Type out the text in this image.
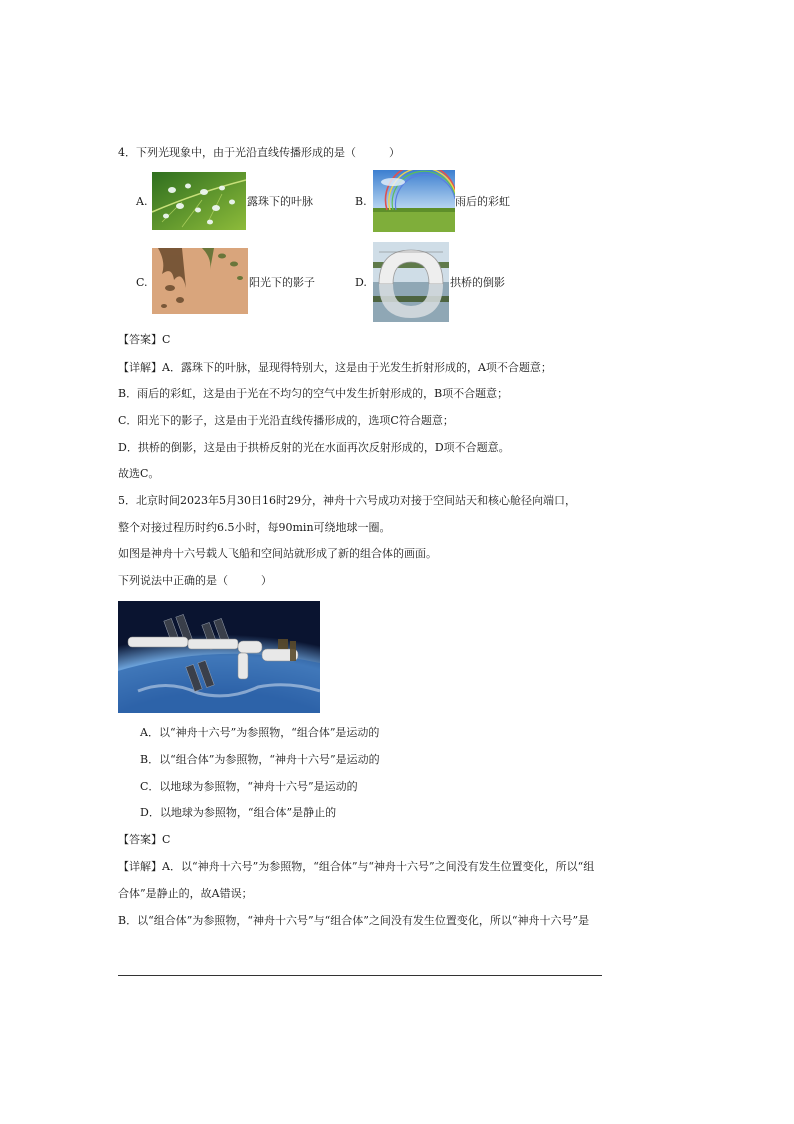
4．下列光现象中，由于光沿直线传播形成的是（　　　）
A.	露珠下的叶脉	B.	雨后的彩虹
C.	阳光下的影子	D.	拱桥的倒影
【答案】C
【详解】A．露珠下的叶脉，显现得特别大，这是由于光发生折射形成的，A项不合题意；
B．雨后的彩虹，这是由于光在不均匀的空气中发生折射形成的，B项不合题意；
C．阳光下的影子，这是由于光沿直线传播形成的，选项C符合题意；
D．拱桥的倒影，这是由于拱桥反射的光在水面再次反射形成的，D项不合题意。
故选C。
5．北京时间2023年5月30日16时29分，神舟十六号成功对接于空间站天和核心舱径向端口，
整个对接过程历时约6.5小时，每90min可绕地球一圈。
如图是神舟十六号载人飞船和空间站就形成了新的组合体的画面。
下列说法中正确的是（　　　）
A．以“神舟十六号”为参照物，“组合体”是运动的
B．以“组合体”为参照物，“神舟十六号”是运动的
C．以地球为参照物，“神舟十六号”是运动的
D．以地球为参照物，“组合体”是静止的
【答案】C
【详解】A．以“神舟十六号”为参照物，“组合体”与“神舟十六号”之间没有发生位置变化，所以“组
合体”是静止的，故A错误；
B．以“组合体”为参照物，“神舟十六号”与“组合体”之间没有发生位置变化，所以“神舟十六号”是
